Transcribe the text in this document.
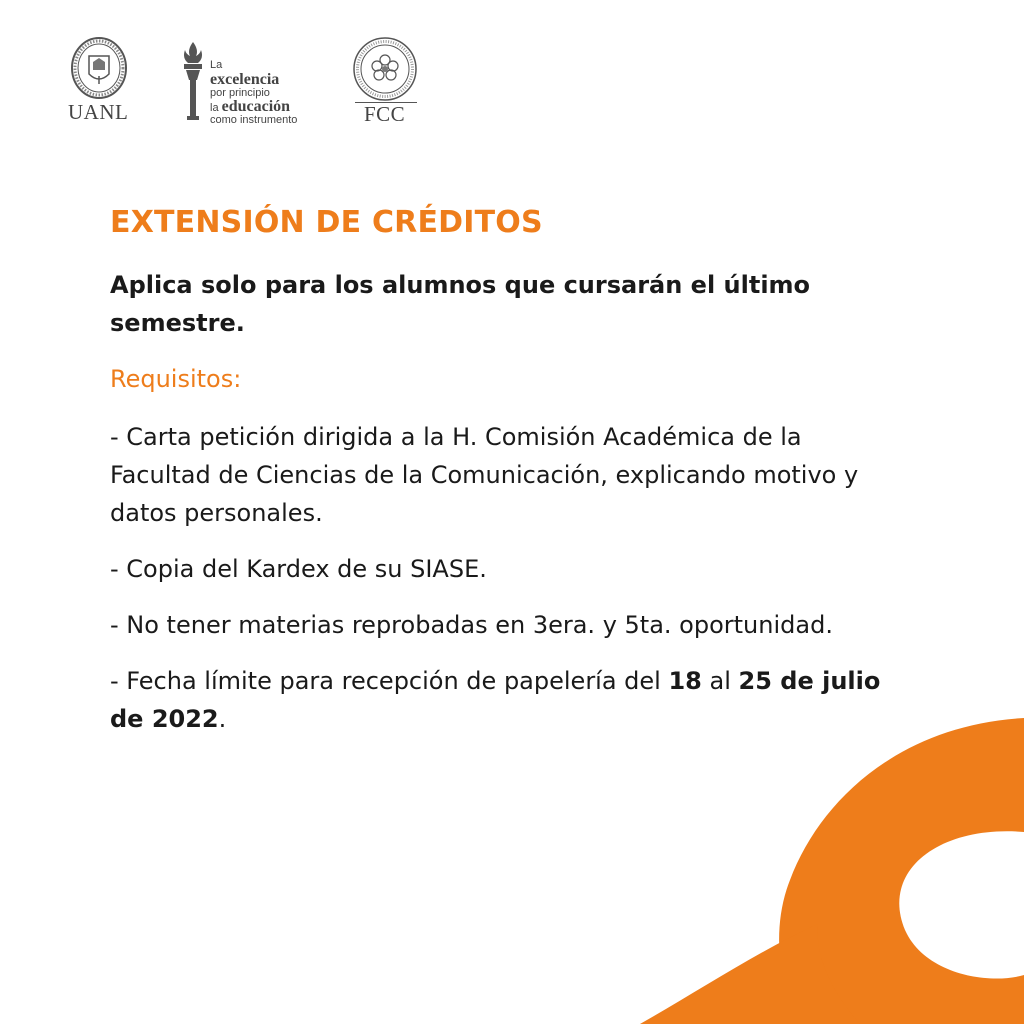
UANL
La
excelencia
por principio
la educación
como instrumento	FCC
EXTENSIÓN DE CRÉDITOS

Aplica solo para los alumnos que cursarán el último semestre.

Requisitos:

- Carta petición dirigida a la H. Comisión Académica de la Facultad de Ciencias de la Comunicación, explicando motivo y datos personales.

- Copia del Kardex de su SIASE.

- No tener materias reprobadas en 3era. y 5ta. oportunidad.

- Fecha límite para recepción de papelería del 18 al 25 de julio de 2022.
